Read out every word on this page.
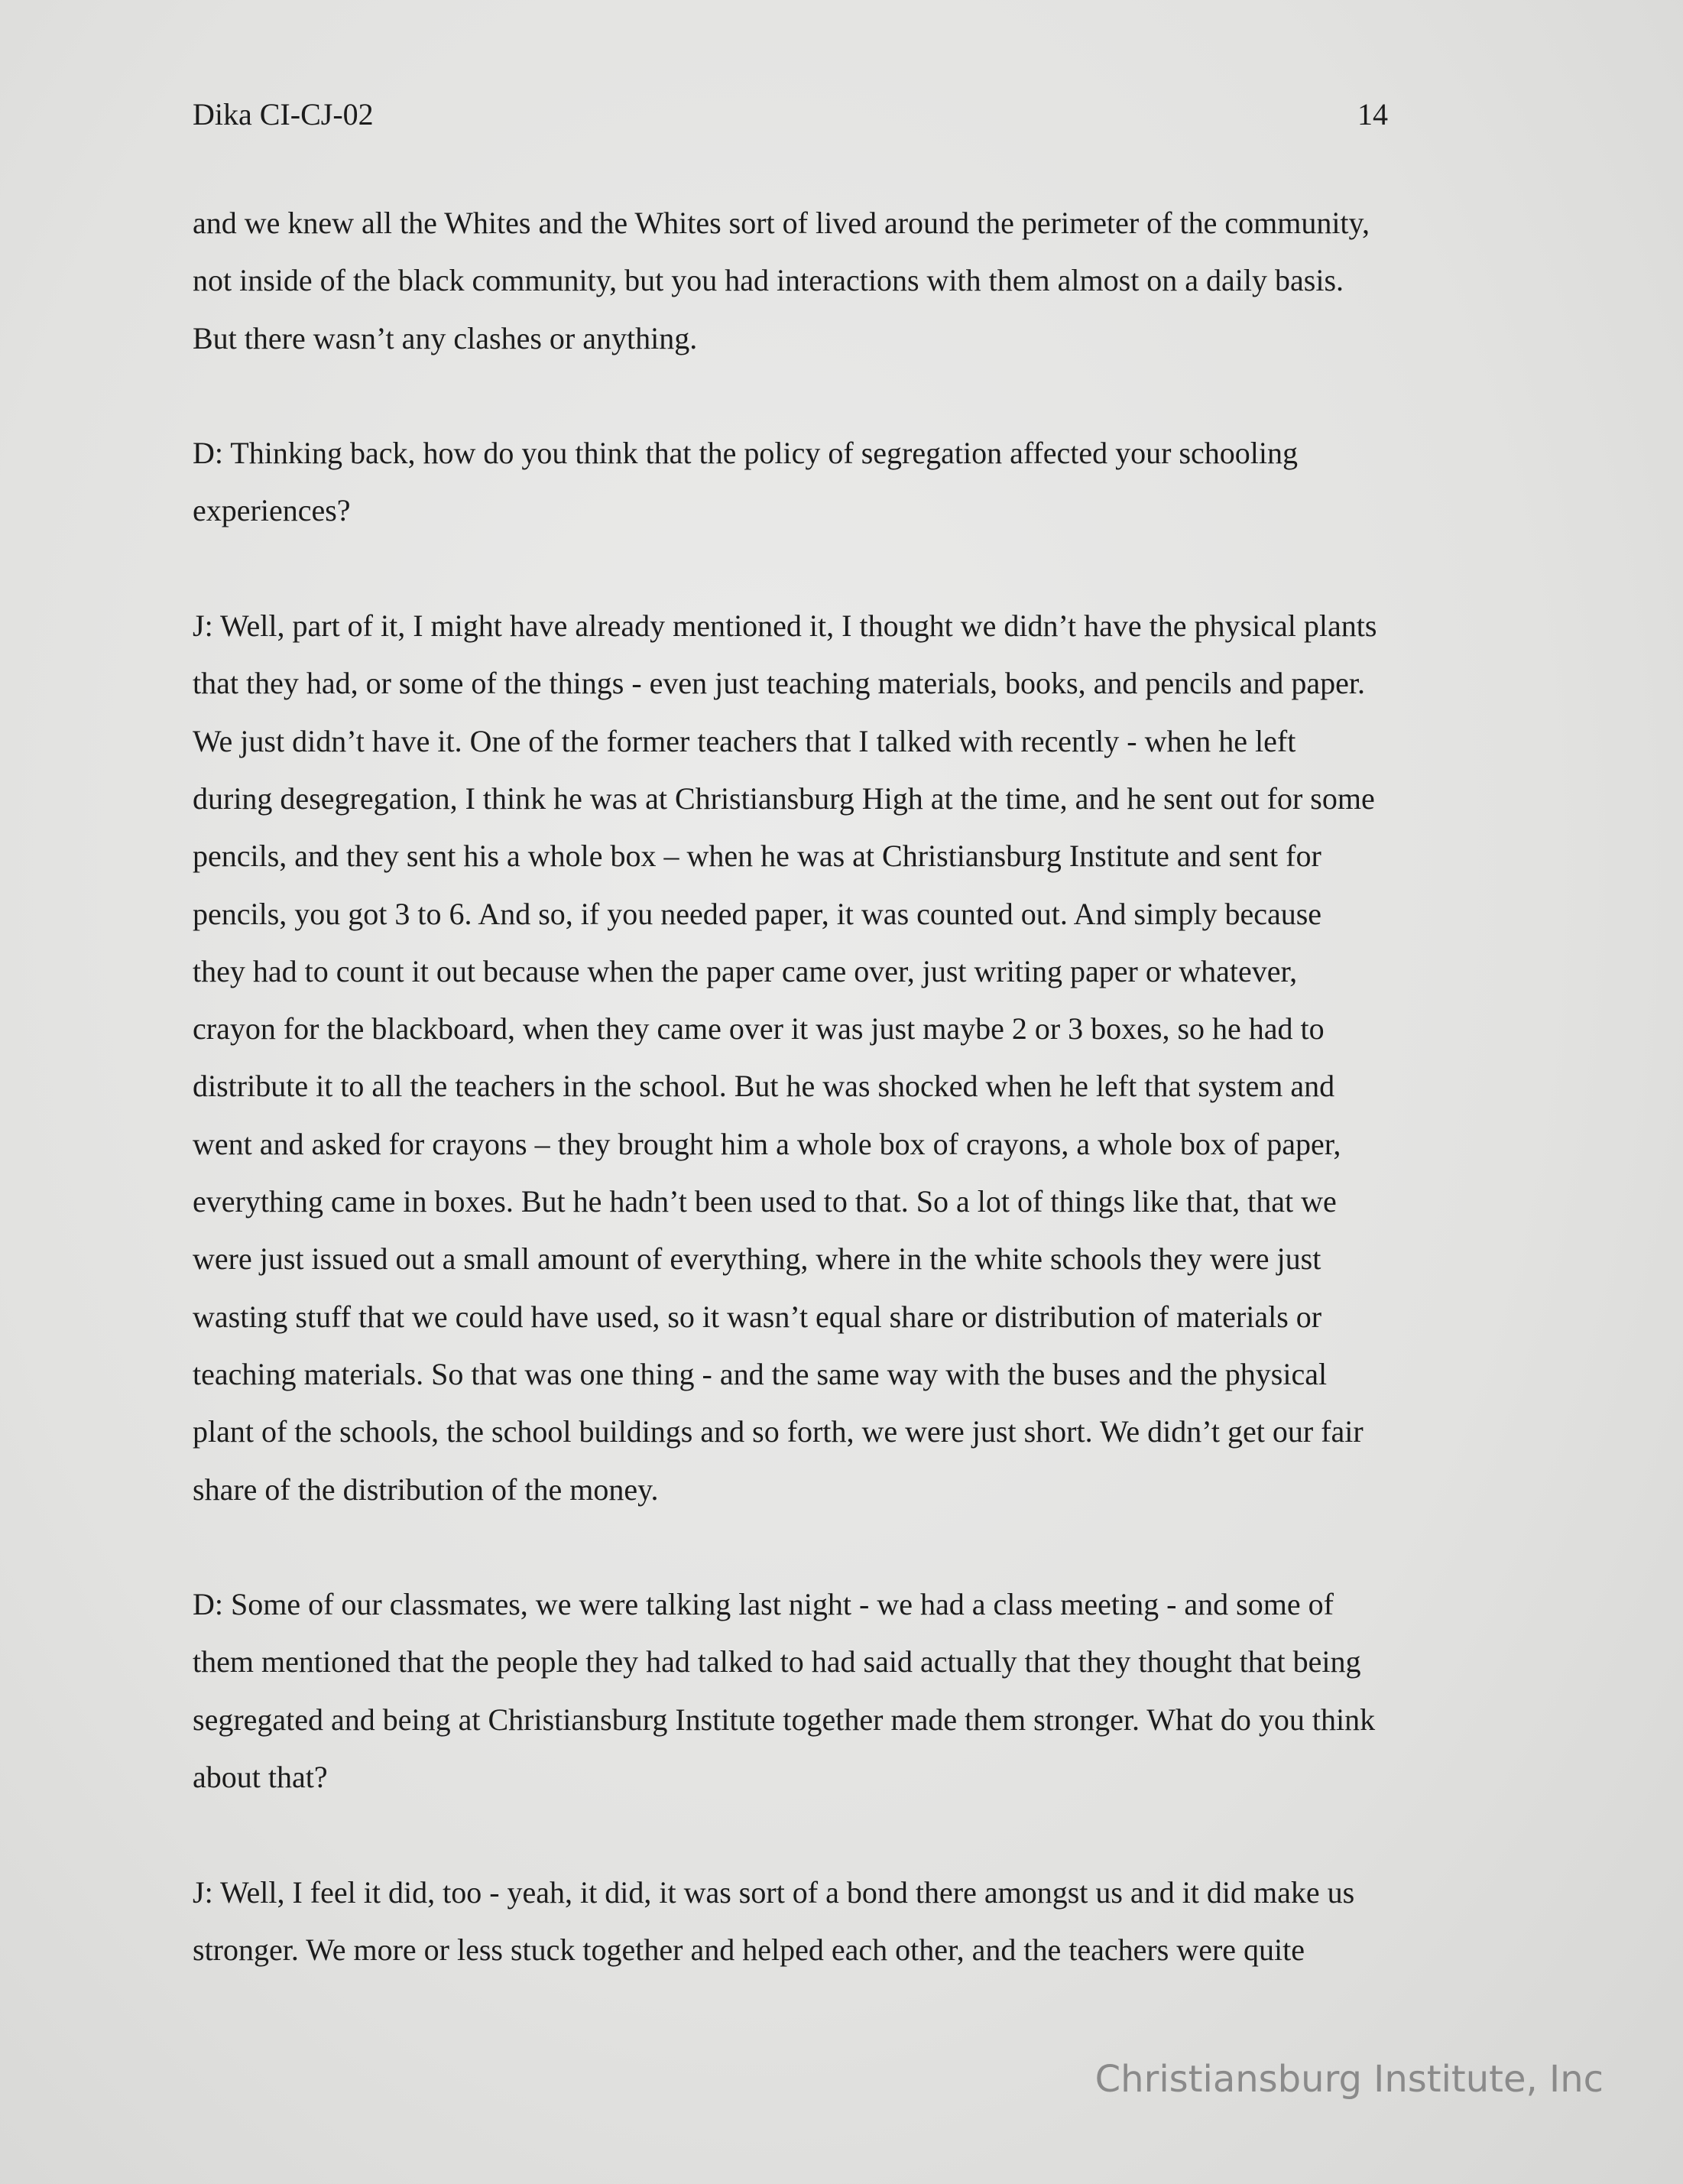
Dika CI-CJ-02	14

and we knew all the Whites and the Whites sort of lived around the perimeter of the community,
not inside of the black community, but you had interactions with them almost on a daily basis.
But there wasn’t any clashes or anything.

D: Thinking back, how do you think that the policy of segregation affected your schooling
experiences?

J: Well, part of it, I might have already mentioned it, I thought we didn’t have the physical plants
that they had, or some of the things - even just teaching materials, books, and pencils and paper.
We just didn’t have it. One of the former teachers that I talked with recently - when he left
during desegregation, I think he was at Christiansburg High at the time, and he sent out for some
pencils, and they sent his a whole box – when he was at Christiansburg Institute and sent for
pencils, you got 3 to 6. And so, if you needed paper, it was counted out. And simply because
they had to count it out because when the paper came over, just writing paper or whatever,
crayon for the blackboard, when they came over it was just maybe 2 or 3 boxes, so he had to
distribute it to all the teachers in the school. But he was shocked when he left that system and
went and asked for crayons – they brought him a whole box of crayons, a whole box of paper,
everything came in boxes. But he hadn’t been used to that. So a lot of things like that, that we
were just issued out a small amount of everything, where in the white schools they were just
wasting stuff that we could have used, so it wasn’t equal share or distribution of materials or
teaching materials. So that was one thing - and the same way with the buses and the physical
plant of the schools, the school buildings and so forth, we were just short. We didn’t get our fair
share of the distribution of the money.

D: Some of our classmates, we were talking last night - we had a class meeting - and some of
them mentioned that the people they had talked to had said actually that they thought that being
segregated and being at Christiansburg Institute together made them stronger. What do you think
about that?

J: Well, I feel it did, too - yeah, it did, it was sort of a bond there amongst us and it did make us
stronger. We more or less stuck together and helped each other, and the teachers were quite

Christiansburg Institute, Inc
